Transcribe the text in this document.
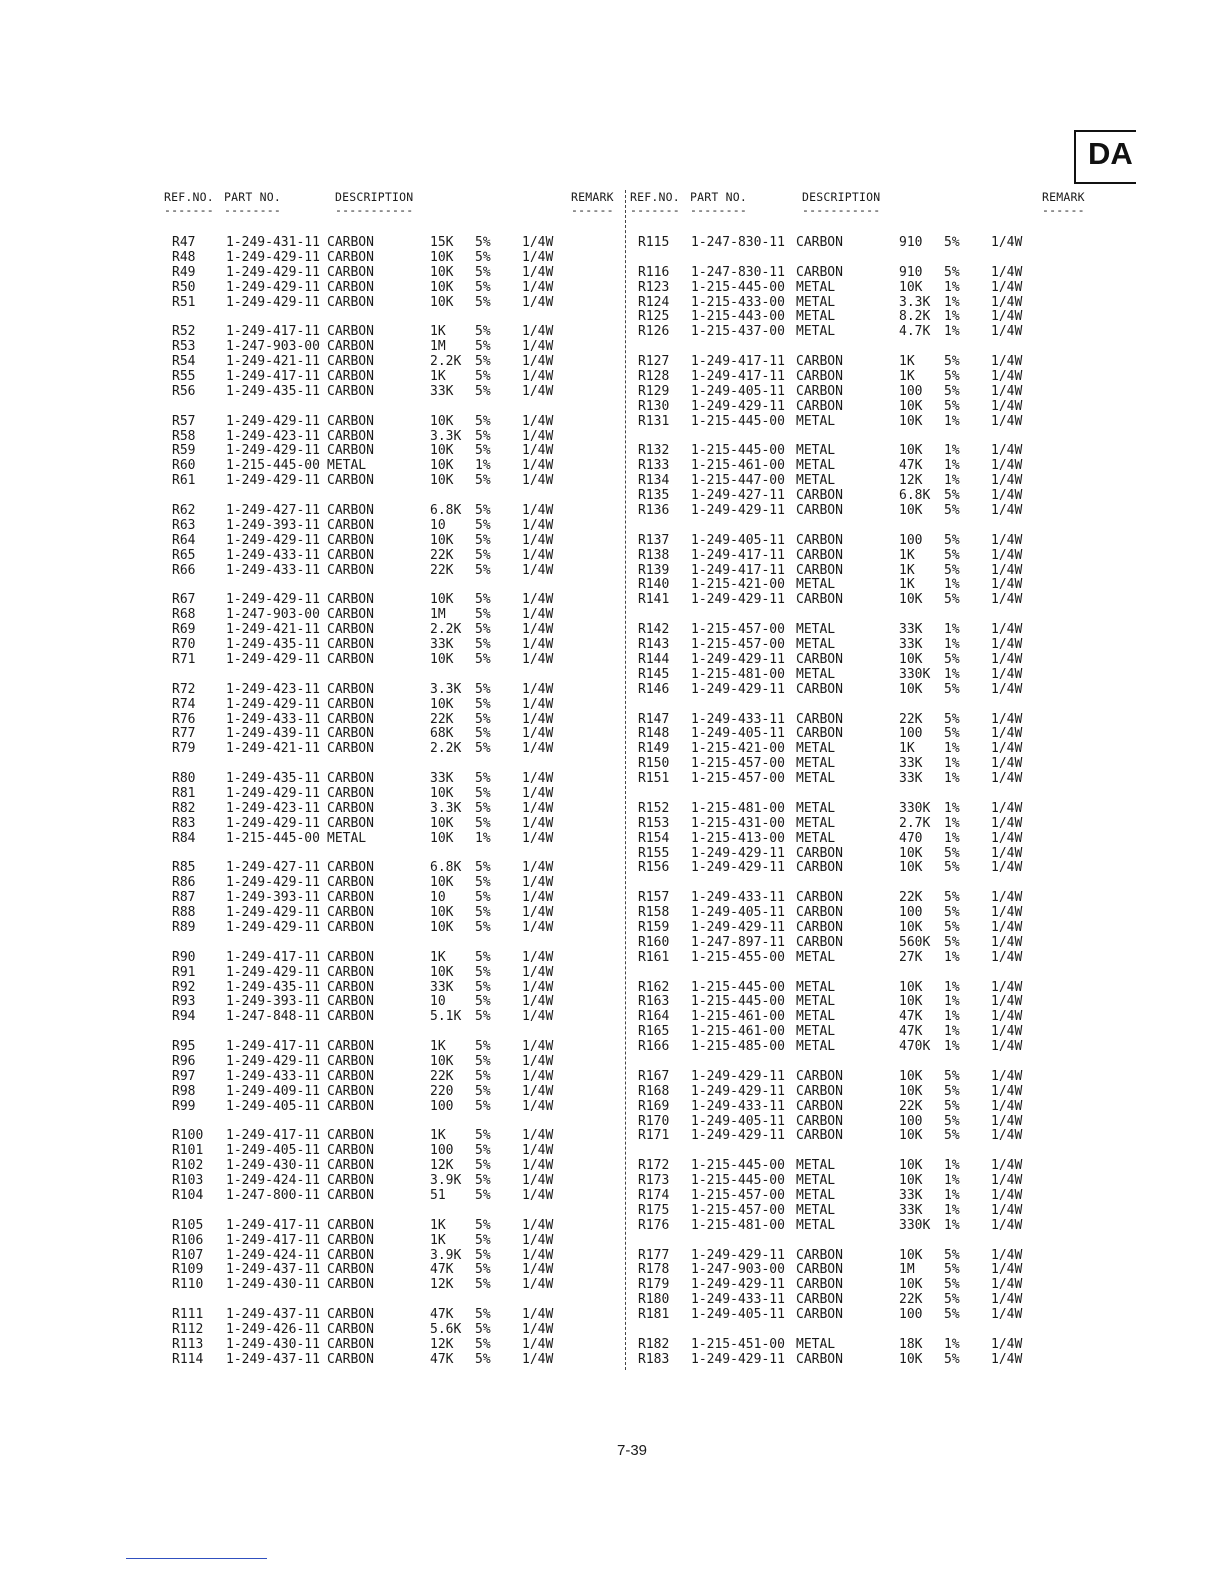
DA
REF.NO. PART NO.	DESCRIPTION	REMARK
------- --------	-----------	------
REF.NO. PART NO.	DESCRIPTION	REMARK
------- --------	-----------	------
R47 1-249-431-11 CARBON	15K 5% 1/4W
R48 1-249-429-11 CARBON	10K 5% 1/4W
R49 1-249-429-11 CARBON	10K 5% 1/4W
R50 1-249-429-11 CARBON	10K 5% 1/4W
R51 1-249-429-11 CARBON	10K 5% 1/4W
R52 1-249-417-11 CARBON	1K 5% 1/4W
R53 1-247-903-00 CARBON	1M 5% 1/4W
R54 1-249-421-11 CARBON	2.2K 5% 1/4W
R55 1-249-417-11 CARBON	1K 5% 1/4W
R56 1-249-435-11 CARBON	33K 5% 1/4W
R57 1-249-429-11 CARBON	10K 5% 1/4W
R58 1-249-423-11 CARBON	3.3K 5% 1/4W
R59 1-249-429-11 CARBON	10K 5% 1/4W
R60 1-215-445-00 METAL	10K 1% 1/4W
R61 1-249-429-11 CARBON	10K 5% 1/4W
R62 1-249-427-11 CARBON	6.8K 5% 1/4W
R63 1-249-393-11 CARBON	10 5% 1/4W
R64 1-249-429-11 CARBON	10K 5% 1/4W
R65 1-249-433-11 CARBON	22K 5% 1/4W
R66 1-249-433-11 CARBON	22K 5% 1/4W
R67 1-249-429-11 CARBON	10K 5% 1/4W
R68 1-247-903-00 CARBON	1M 5% 1/4W
R69 1-249-421-11 CARBON	2.2K 5% 1/4W
R70 1-249-435-11 CARBON	33K 5% 1/4W
R71 1-249-429-11 CARBON	10K 5% 1/4W
R72 1-249-423-11 CARBON	3.3K 5% 1/4W
R74 1-249-429-11 CARBON	10K 5% 1/4W
R76 1-249-433-11 CARBON	22K 5% 1/4W
R77 1-249-439-11 CARBON	68K 5% 1/4W
R79 1-249-421-11 CARBON	2.2K 5% 1/4W
R80 1-249-435-11 CARBON	33K 5% 1/4W
R81 1-249-429-11 CARBON	10K 5% 1/4W
R82 1-249-423-11 CARBON	3.3K 5% 1/4W
R83 1-249-429-11 CARBON	10K 5% 1/4W
R84 1-215-445-00 METAL	10K 1% 1/4W
R85 1-249-427-11 CARBON	6.8K 5% 1/4W
R86 1-249-429-11 CARBON	10K 5% 1/4W
R87 1-249-393-11 CARBON	10 5% 1/4W
R88 1-249-429-11 CARBON	10K 5% 1/4W
R89 1-249-429-11 CARBON	10K 5% 1/4W
R90 1-249-417-11 CARBON	1K 5% 1/4W
R91 1-249-429-11 CARBON	10K 5% 1/4W
R92 1-249-435-11 CARBON	33K 5% 1/4W
R93 1-249-393-11 CARBON	10 5% 1/4W
R94 1-247-848-11 CARBON	5.1K 5% 1/4W
R95 1-249-417-11 CARBON	1K 5% 1/4W
R96 1-249-429-11 CARBON	10K 5% 1/4W
R97 1-249-433-11 CARBON	22K 5% 1/4W
R98 1-249-409-11 CARBON	220 5% 1/4W
R99 1-249-405-11 CARBON	100 5% 1/4W
R100 1-249-417-11 CARBON	1K 5% 1/4W
R101 1-249-405-11 CARBON	100 5% 1/4W
R102 1-249-430-11 CARBON	12K 5% 1/4W
R103 1-249-424-11 CARBON	3.9K 5% 1/4W
R104 1-247-800-11 CARBON	51 5% 1/4W
R105 1-249-417-11 CARBON	1K 5% 1/4W
R106 1-249-417-11 CARBON	1K 5% 1/4W
R107 1-249-424-11 CARBON	3.9K 5% 1/4W
R109 1-249-437-11 CARBON	47K 5% 1/4W
R110 1-249-430-11 CARBON	12K 5% 1/4W
R111 1-249-437-11 CARBON	47K 5% 1/4W
R112 1-249-426-11 CARBON	5.6K 5% 1/4W
R113 1-249-430-11 CARBON	12K 5% 1/4W
R114 1-249-437-11 CARBON	47K 5% 1/4W
R115 1-247-830-11 CARBON	910 5% 1/4W
R116 1-247-830-11 CARBON	910 5% 1/4W
R123 1-215-445-00 METAL	10K 1% 1/4W
R124 1-215-433-00 METAL	3.3K 1% 1/4W
R125 1-215-443-00 METAL	8.2K 1% 1/4W
R126 1-215-437-00 METAL	4.7K 1% 1/4W
R127 1-249-417-11 CARBON	1K 5% 1/4W
R128 1-249-417-11 CARBON	1K 5% 1/4W
R129 1-249-405-11 CARBON	100 5% 1/4W
R130 1-249-429-11 CARBON	10K 5% 1/4W
R131 1-215-445-00 METAL	10K 1% 1/4W
R132 1-215-445-00 METAL	10K 1% 1/4W
R133 1-215-461-00 METAL	47K 1% 1/4W
R134 1-215-447-00 METAL	12K 1% 1/4W
R135 1-249-427-11 CARBON	6.8K 5% 1/4W
R136 1-249-429-11 CARBON	10K 5% 1/4W
R137 1-249-405-11 CARBON	100 5% 1/4W
R138 1-249-417-11 CARBON	1K 5% 1/4W
R139 1-249-417-11 CARBON	1K 5% 1/4W
R140 1-215-421-00 METAL	1K 1% 1/4W
R141 1-249-429-11 CARBON	10K 5% 1/4W
R142 1-215-457-00 METAL	33K 1% 1/4W
R143 1-215-457-00 METAL	33K 1% 1/4W
R144 1-249-429-11 CARBON	10K 5% 1/4W
R145 1-215-481-00 METAL	330K 1% 1/4W
R146 1-249-429-11 CARBON	10K 5% 1/4W
R147 1-249-433-11 CARBON	22K 5% 1/4W
R148 1-249-405-11 CARBON	100 5% 1/4W
R149 1-215-421-00 METAL	1K 1% 1/4W
R150 1-215-457-00 METAL	33K 1% 1/4W
R151 1-215-457-00 METAL	33K 1% 1/4W
R152 1-215-481-00 METAL	330K 1% 1/4W
R153 1-215-431-00 METAL	2.7K 1% 1/4W
R154 1-215-413-00 METAL	470 1% 1/4W
R155 1-249-429-11 CARBON	10K 5% 1/4W
R156 1-249-429-11 CARBON	10K 5% 1/4W
R157 1-249-433-11 CARBON	22K 5% 1/4W
R158 1-249-405-11 CARBON	100 5% 1/4W
R159 1-249-429-11 CARBON	10K 5% 1/4W
R160 1-247-897-11 CARBON	560K 5% 1/4W
R161 1-215-455-00 METAL	27K 1% 1/4W
R162 1-215-445-00 METAL	10K 1% 1/4W
R163 1-215-445-00 METAL	10K 1% 1/4W
R164 1-215-461-00 METAL	47K 1% 1/4W
R165 1-215-461-00 METAL	47K 1% 1/4W
R166 1-215-485-00 METAL	470K 1% 1/4W
R167 1-249-429-11 CARBON	10K 5% 1/4W
R168 1-249-429-11 CARBON	10K 5% 1/4W
R169 1-249-433-11 CARBON	22K 5% 1/4W
R170 1-249-405-11 CARBON	100 5% 1/4W
R171 1-249-429-11 CARBON	10K 5% 1/4W
R172 1-215-445-00 METAL	10K 1% 1/4W
R173 1-215-445-00 METAL	10K 1% 1/4W
R174 1-215-457-00 METAL	33K 1% 1/4W
R175 1-215-457-00 METAL	33K 1% 1/4W
R176 1-215-481-00 METAL	330K 1% 1/4W
R177 1-249-429-11 CARBON	10K 5% 1/4W
R178 1-247-903-00 CARBON	1M 5% 1/4W
R179 1-249-429-11 CARBON	10K 5% 1/4W
R180 1-249-433-11 CARBON	22K 5% 1/4W
R181 1-249-405-11 CARBON	100 5% 1/4W
R182 1-215-451-00 METAL	18K 1% 1/4W
R183 1-249-429-11 CARBON	10K 5% 1/4W
7-39
